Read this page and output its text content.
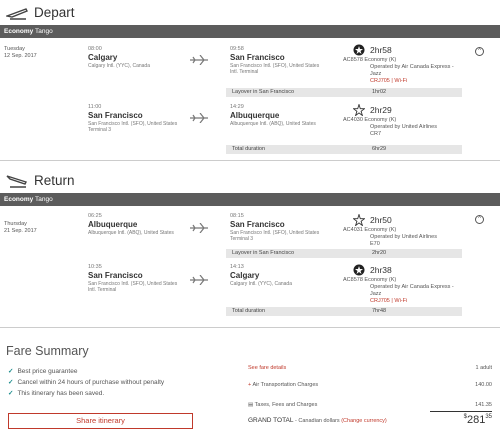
Depart
Economy Tango
Tuesday
12 Sep. 2017
08:00
Calgary
Calgary Intl. (YYC), Canada
09:58
San Francisco
San Francisco Intl. (SFO), United States
Intl. Terminal
2hr58
AC8578 Economy (K)
Operated by Air Canada Express - Jazz
CRJ705 | Wi-Fi
^
Layover in San Francisco	1hr02
11:00
San Francisco
San Francisco Intl. (SFO), United States
Terminal 3
14:29
Albuquerque
Albuquerque Intl. (ABQ), United States
2hr29
AC4030 Economy (K)
Operated by United Airlines
CR7
Total duration	6hr29
Return
Economy Tango
Thursday
21 Sep. 2017
06:25
Albuquerque
Albuquerque Intl. (ABQ), United States
08:15
San Francisco
San Francisco Intl. (SFO), United States
Terminal 3
2hr50
AC4031 Economy (K)
Operated by United Airlines
E70
^
Layover in San Francisco	2hr20
10:35
San Francisco
San Francisco Intl. (SFO), United States
Intl. Terminal
14:13
Calgary
Calgary Intl. (YYC), Canada
2hr38
AC8578 Economy (K)
Operated by Air Canada Express - Jazz
CRJ705 | Wi-Fi
Total duration	7hr48
Fare Summary
✓ Best price guarantee
✓ Cancel within 24 hours of purchase without penalty
✓ This itinerary has been saved.
Share itinerary
See fare details	1 adult
+ Air Transportation Charges	140.00
▤ Taxes, Fees and Charges	141.35
GRAND TOTAL - Canadian dollars (Change currency)
$28135
